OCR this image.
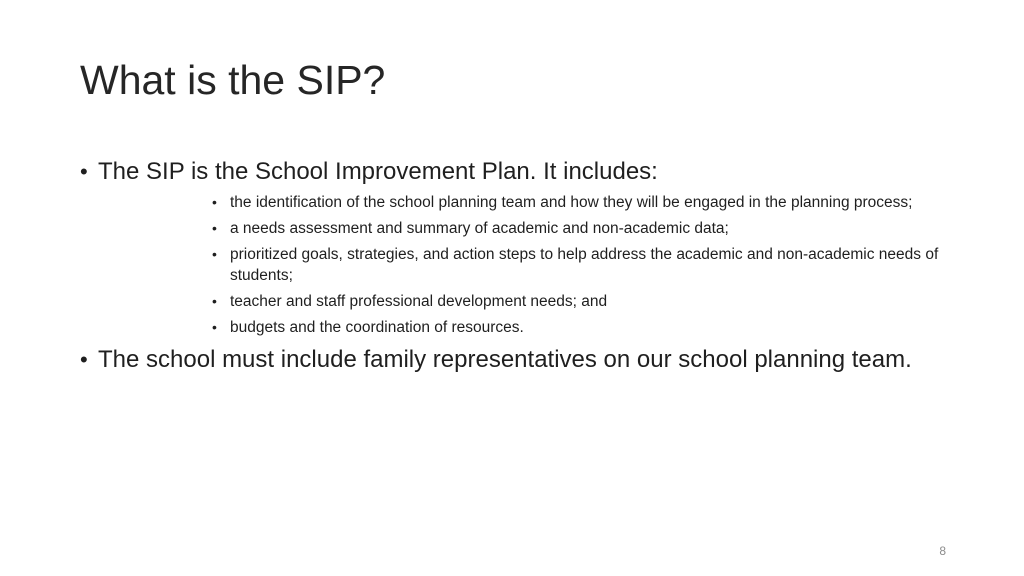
What is the SIP?
• The SIP is the School Improvement Plan. It includes:
• the identification of the school planning team and how they will be engaged in the planning process;
• a needs assessment and summary of academic and non-academic data;
• prioritized goals, strategies, and action steps to help address the academic and non-academic needs of students;
• teacher and staff professional development needs; and
• budgets and the coordination of resources.
• The school must include family representatives on our school planning team.
8
